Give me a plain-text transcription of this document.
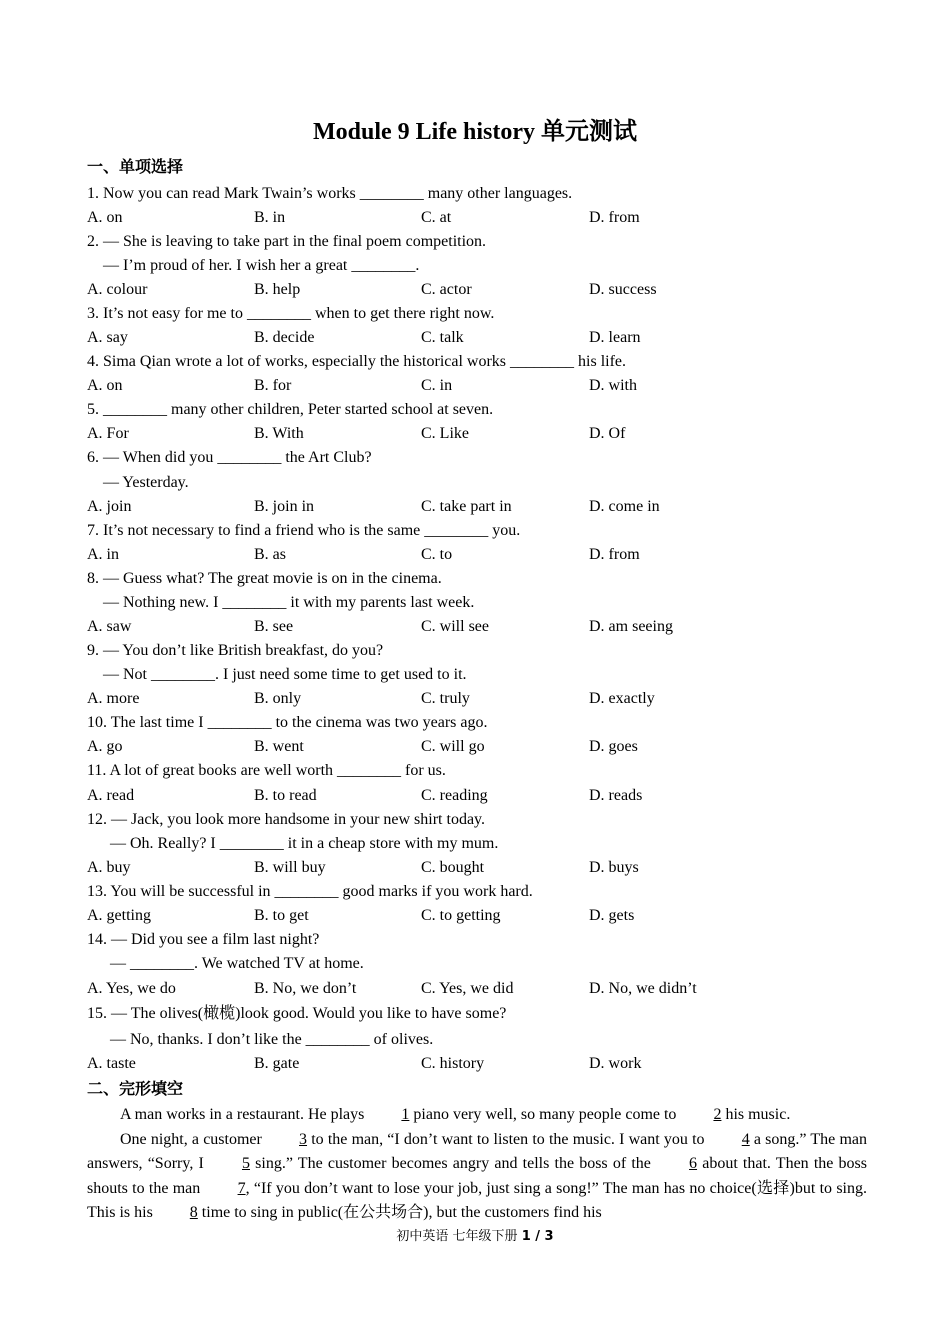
Module 9 Life history 单元测试
一、单项选择
1. Now you can read Mark Twain’s works ________ many other languages.
A. on	B. in	C. at	D. from
2. — She is leaving to take part in the final poem competition.
— I’m proud of her. I wish her a great ________.
A. colour	B. help	C. actor	D. success
3. It’s not easy for me to ________ when to get there right now.
A. say	B. decide	C. talk	D. learn
4. Sima Qian wrote a lot of works, especially the historical works ________ his life.
A. on	B. for	C. in	D. with
5. ________ many other children, Peter started school at seven.
A. For	B. With	C. Like	D. Of
6. — When did you ________ the Art Club?
— Yesterday.
A. join	B. join in	C. take part in	D. come in
7. It’s not necessary to find a friend who is the same ________ you.
A. in	B. as	C. to	D. from
8. — Guess what? The great movie is on in the cinema.
— Nothing new. I ________ it with my parents last week.
A. saw	B. see	C. will see	D. am seeing
9. — You don’t like British breakfast, do you?
— Not ________. I just need some time to get used to it.
A. more	B. only	C. truly	D. exactly
10. The last time I ________ to the cinema was two years ago.
A. go	B. went	C. will go	D. goes
11. A lot of great books are well worth ________ for us.
A. read	B. to read	C. reading	D. reads
12. — Jack, you look more handsome in your new shirt today.
— Oh. Really? I ________ it in a cheap store with my mum.
A. buy	B. will buy	C. bought	D. buys
13. You will be successful in ________ good marks if you work hard.
A. getting	B. to get	C. to getting	D. gets
14. — Did you see a film last night?
— ________. We watched TV at home.
A. Yes, we do	B. No, we don’t	C. Yes, we did	D. No, we didn’t
15. — The olives(橄榄)look good. Would you like to have some?
— No, thanks. I don’t like the ________ of olives.
A. taste	B. gate	C. history	D. work
二、完形填空

A man works in a restaurant. He plays 1 piano very well, so many people come to 2 his music.

One night, a customer 3 to the man, “I don’t want to listen to the music. I want you to 4 a song.” The man answers, “Sorry, I 5 sing.” The customer becomes angry and tells the boss of the 6 about that. Then the boss shouts to the man 7, “If you don’t want to lose your job, just sing a song!” The man has no choice(选择)but to sing. This is his 8 time to sing in public(在公共场合), but the customers find his

初中英语 七年级下册 1 / 3
